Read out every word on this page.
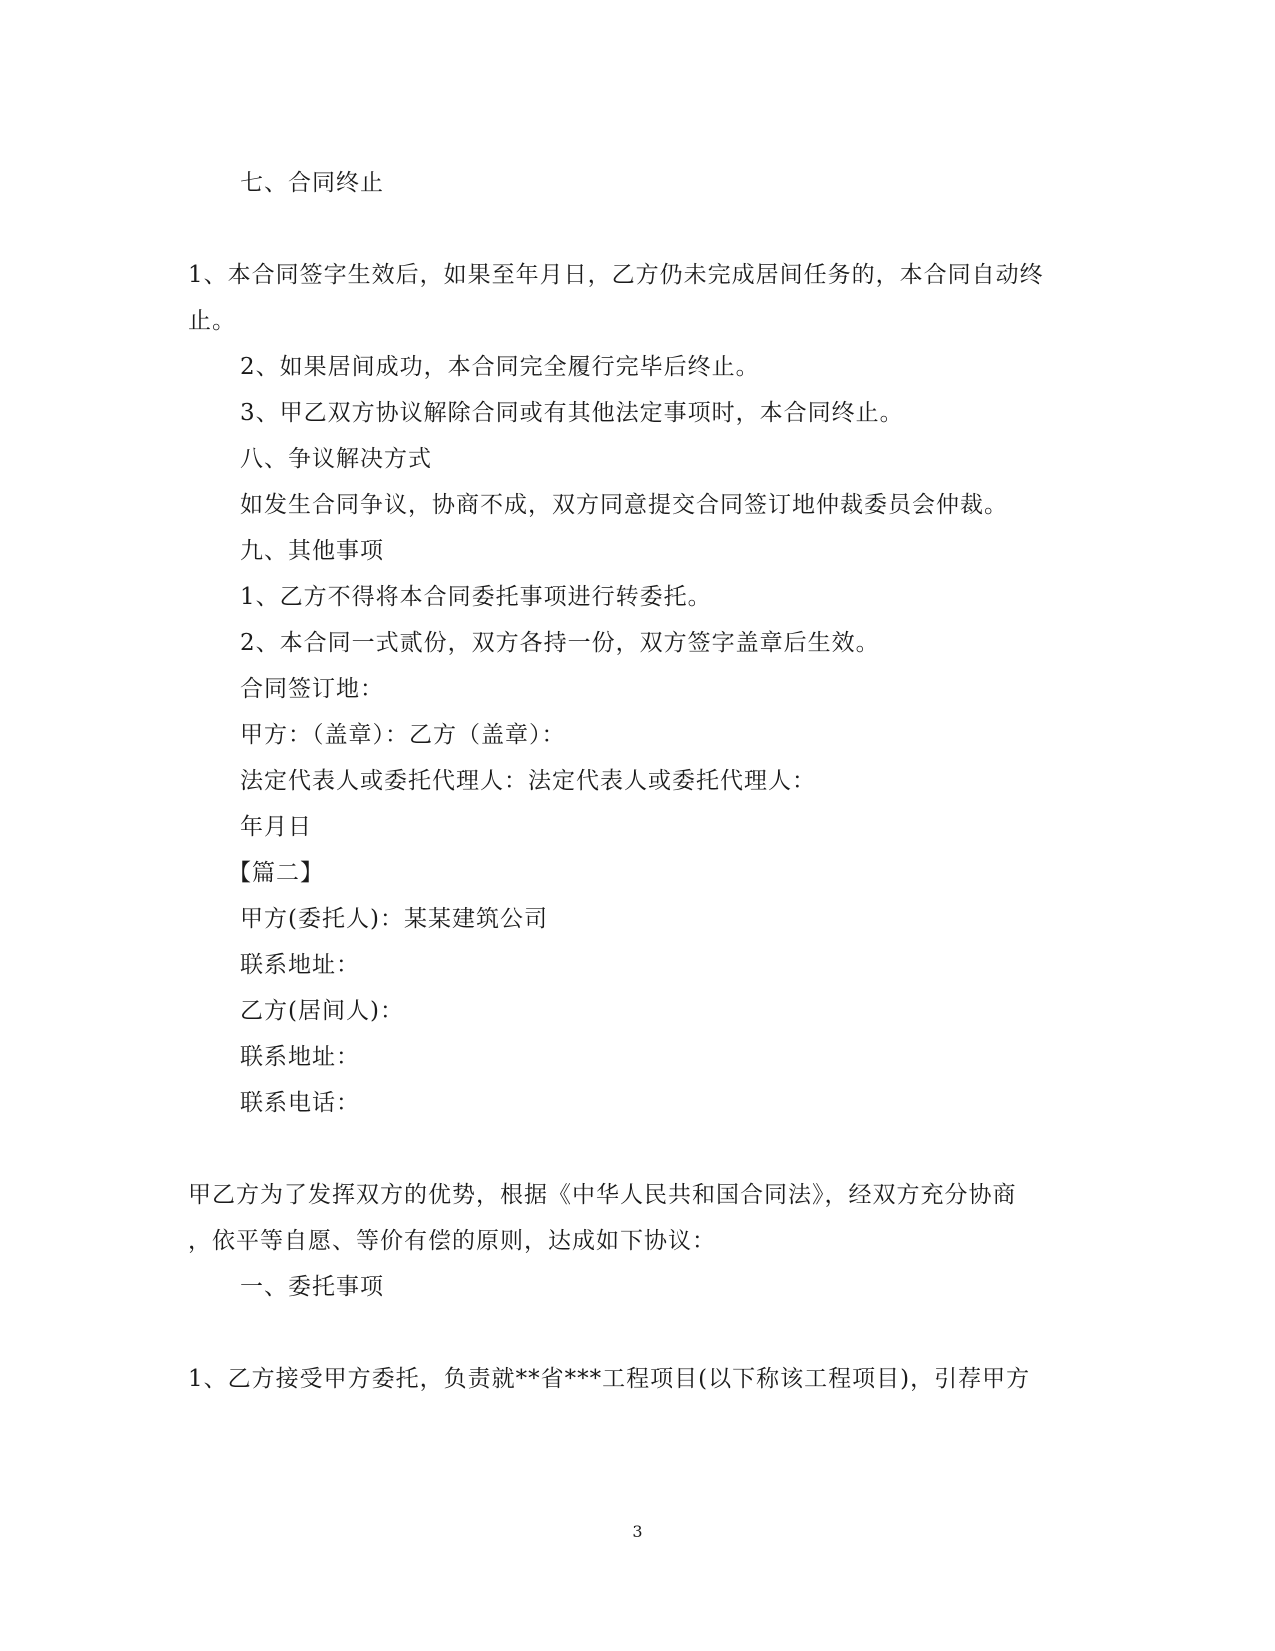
七、合同终止
1、本合同签字生效后，如果至年月日，乙方仍未完成居间任务的，本合同自动终
止。
2、如果居间成功，本合同完全履行完毕后终止。
3、甲乙双方协议解除合同或有其他法定事项时，本合同终止。
八、争议解决方式
如发生合同争议，协商不成，双方同意提交合同签订地仲裁委员会仲裁。
九、其他事项
1、乙方不得将本合同委托事项进行转委托。
2、本合同一式贰份，双方各持一份，双方签字盖章后生效。
合同签订地：
甲方：（盖章）：乙方（盖章）：
法定代表人或委托代理人：法定代表人或委托代理人：
年月日
【篇二】
甲方(委托人)：某某建筑公司
联系地址：
乙方(居间人)：
联系地址：
联系电话：
甲乙方为了发挥双方的优势，根据《中华人民共和国合同法》，经双方充分协商
，依平等自愿、等价有偿的原则，达成如下协议：
一、委托事项
1、乙方接受甲方委托，负责就**省***工程项目(以下称该工程项目)，引荐甲方
3
